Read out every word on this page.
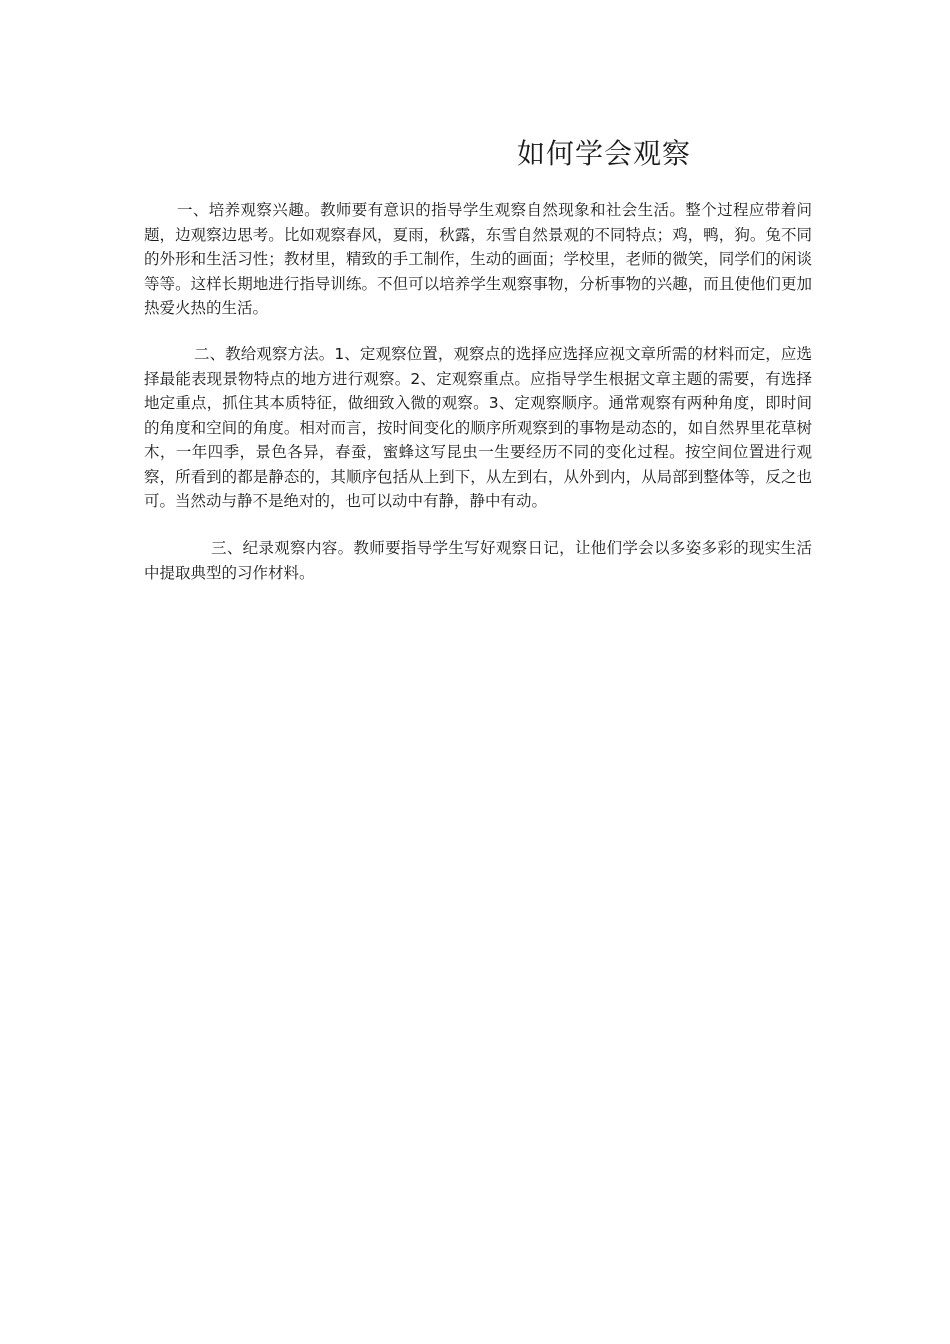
如何学会观察

一、培养观察兴趣。教师要有意识的指导学生观察自然现象和社会生活。整个过程应带着问题，边观察边思考。比如观察春风，夏雨，秋露，东雪自然景观的不同特点；鸡，鸭，狗。兔不同的外形和生活习性；教材里，精致的手工制作，生动的画面；学校里，老师的微笑，同学们的闲谈等等。这样长期地进行指导训练。不但可以培养学生观察事物，分析事物的兴趣，而且使他们更加热爱火热的生活。

二、教给观察方法。1、定观察位置，观察点的选择应选择应视文章所需的材料而定，应选择最能表现景物特点的地方进行观察。2、定观察重点。应指导学生根据文章主题的需要，有选择地定重点，抓住其本质特征，做细致入微的观察。3、定观察顺序。通常观察有两种角度，即时间的角度和空间的角度。相对而言，按时间变化的顺序所观察到的事物是动态的，如自然界里花草树木，一年四季，景色各异，春蚕，蜜蜂这写昆虫一生要经历不同的变化过程。按空间位置进行观察，所看到的都是静态的，其顺序包括从上到下，从左到右，从外到内，从局部到整体等，反之也可。当然动与静不是绝对的，也可以动中有静，静中有动。

三、纪录观察内容。教师要指导学生写好观察日记，让他们学会以多姿多彩的现实生活中提取典型的习作材料。
